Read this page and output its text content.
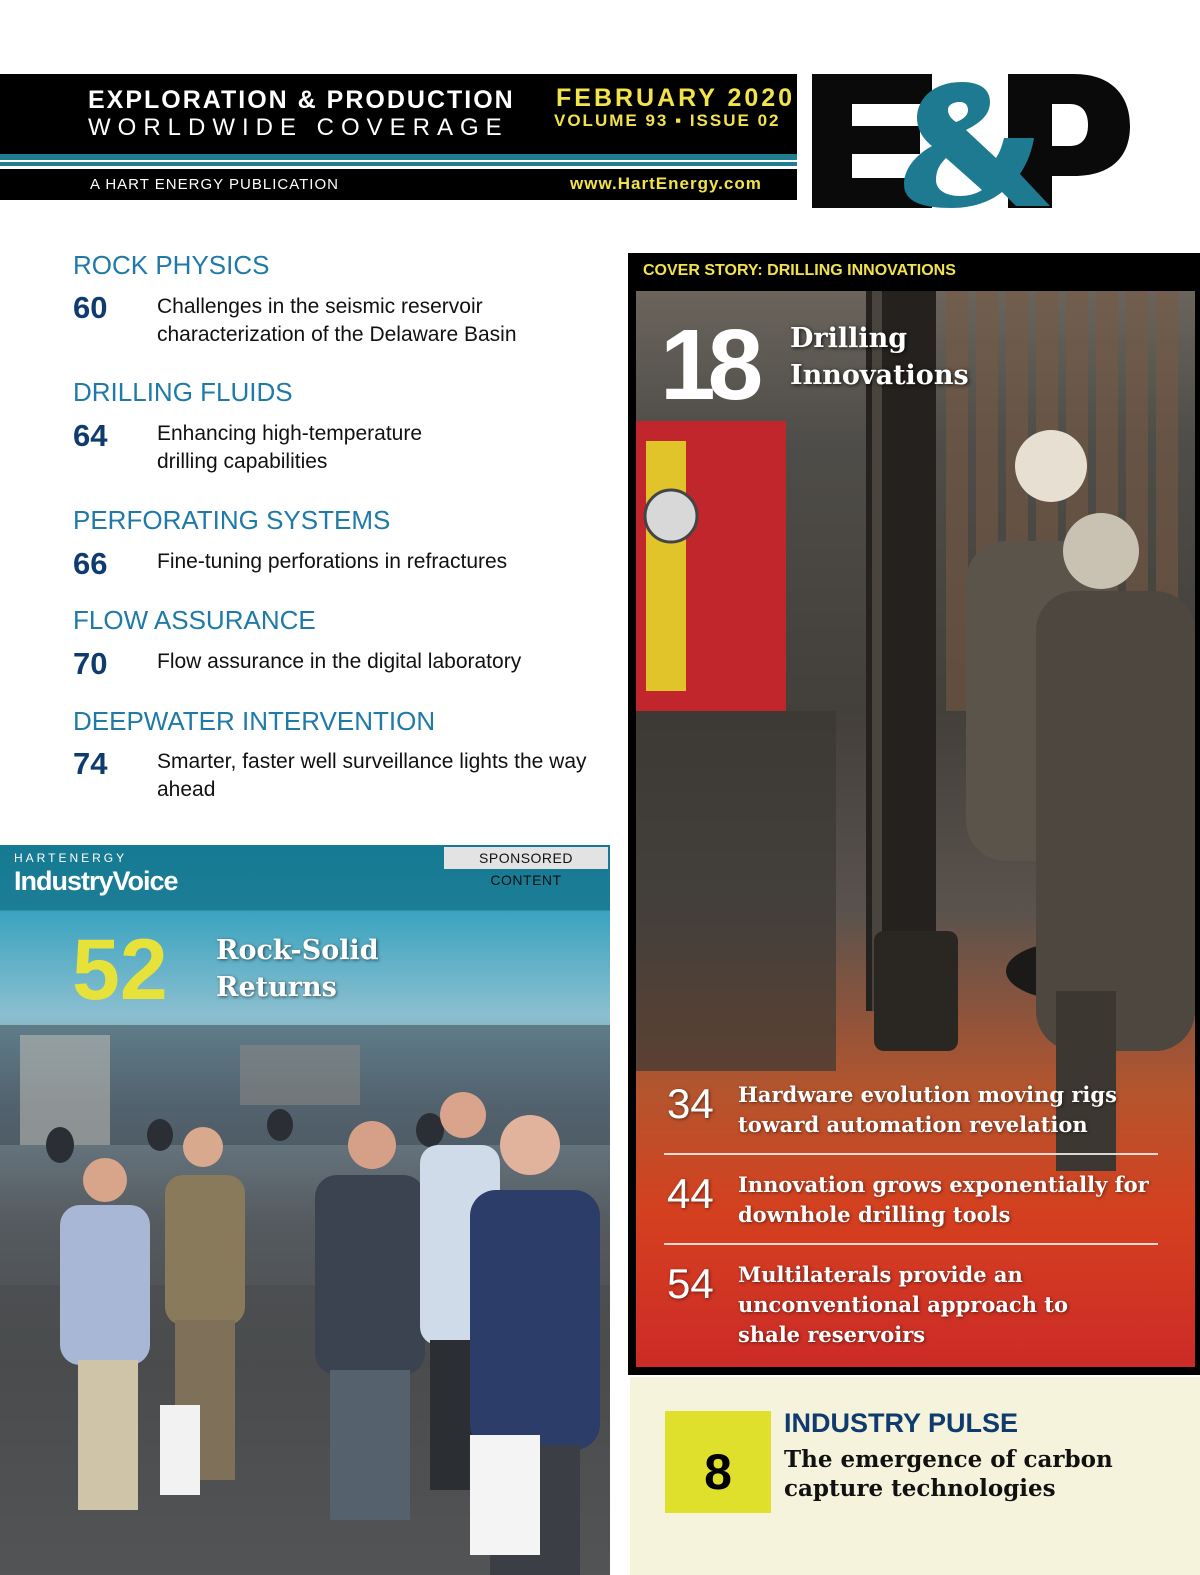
EXPLORATION & PRODUCTION
WORLDWIDE COVERAGE
FEBRUARY 2020
VOLUME 93 ▪ ISSUE 02
A HART ENERGY PUBLICATION	www.HartEnergy.com
ROCK PHYSICS
60 Challenges in the seismic reservoir characterization of the Delaware Basin
DRILLING FLUIDS
64 Enhancing high-temperature drilling capabilities
PERFORATING SYSTEMS
66 Fine-tuning perforations in refractures
FLOW ASSURANCE
70 Flow assurance in the digital laboratory
DEEPWATER INTERVENTION
74 Smarter, faster well surveillance lights the way ahead
HARTENERGY
IndustryVoice
SPONSORED CONTENT
52 Rock-Solid Returns
COVER STORY: DRILLING INNOVATIONS
18 Drilling Innovations
34 Hardware evolution moving rigs toward automation revelation
44 Innovation grows exponentially for downhole drilling tools
54 Multilaterals provide an unconventional approach to shale reservoirs
8
INDUSTRY PULSE
The emergence of carbon capture technologies
